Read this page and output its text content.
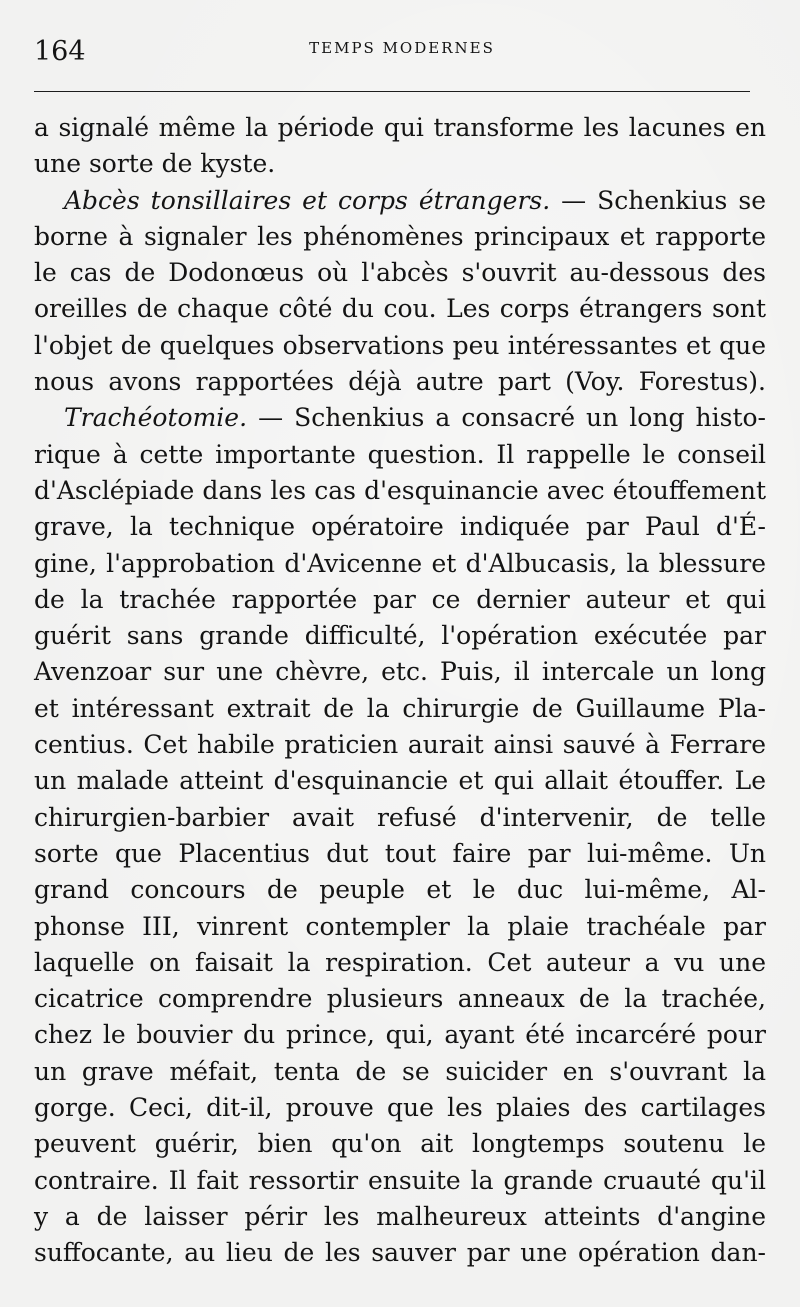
164	TEMPS MODERNES
a signalé même la période qui transforme les lacunes en
une sorte de kyste.
Abcès tonsillaires et corps étrangers. — Schenkius se
borne à signaler les phénomènes principaux et rapporte
le cas de Dodonœus où l'abcès s'ouvrit au-dessous des
oreilles de chaque côté du cou. Les corps étrangers sont
l'objet de quelques observations peu intéressantes et que
nous avons rapportées déjà autre part (Voy. Forestus).
Trachéotomie. — Schenkius a consacré un long histo-
rique à cette importante question. Il rappelle le conseil
d'Asclépiade dans les cas d'esquinancie avec étouffement
grave, la technique opératoire indiquée par Paul d'É-
gine, l'approbation d'Avicenne et d'Albucasis, la blessure
de la trachée rapportée par ce dernier auteur et qui
guérit sans grande difficulté, l'opération exécutée par
Avenzoar sur une chèvre, etc. Puis, il intercale un long
et intéressant extrait de la chirurgie de Guillaume Pla-
centius. Cet habile praticien aurait ainsi sauvé à Ferrare
un malade atteint d'esquinancie et qui allait étouffer. Le
chirurgien-barbier avait refusé d'intervenir, de telle
sorte que Placentius dut tout faire par lui-même. Un
grand concours de peuple et le duc lui-même, Al-
phonse III, vinrent contempler la plaie trachéale par
laquelle on faisait la respiration. Cet auteur a vu une
cicatrice comprendre plusieurs anneaux de la trachée,
chez le bouvier du prince, qui, ayant été incarcéré pour
un grave méfait, tenta de se suicider en s'ouvrant la
gorge. Ceci, dit-il, prouve que les plaies des cartilages
peuvent guérir, bien qu'on ait longtemps soutenu le
contraire. Il fait ressortir ensuite la grande cruauté qu'il
y a de laisser périr les malheureux atteints d'angine
suffocante, au lieu de les sauver par une opération dan-
